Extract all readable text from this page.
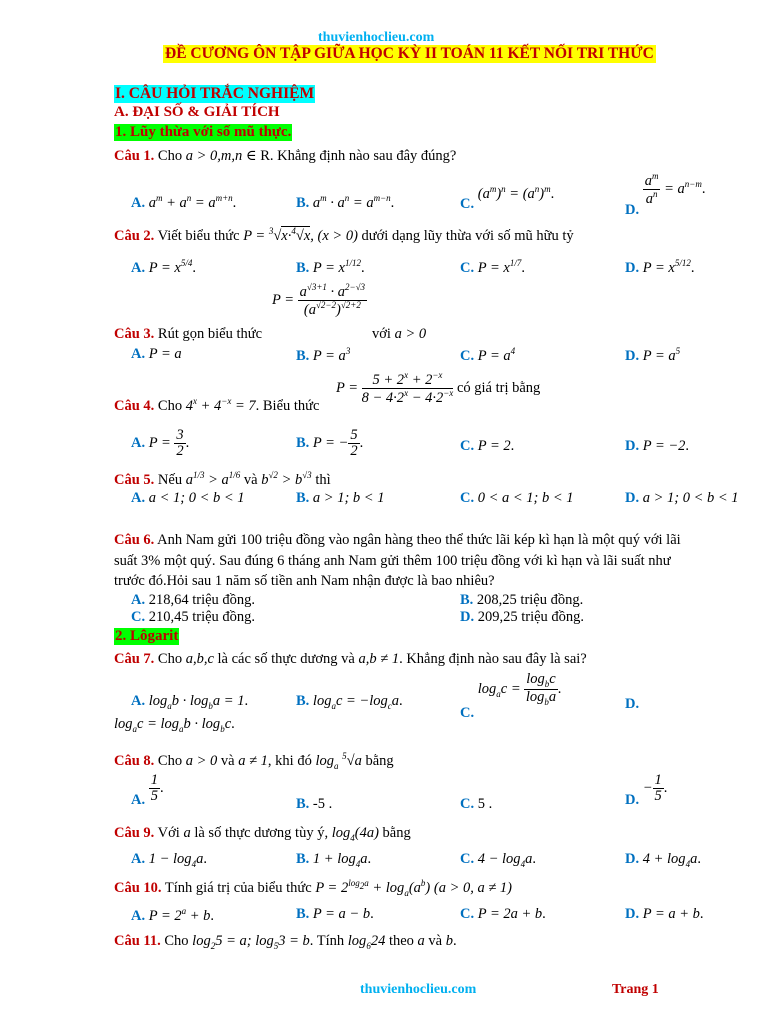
thuvienhoclieu.com
ĐỀ CƯƠNG ÔN TẬP GIỮA HỌC KỲ II TOÁN 11 KẾT NỐI TRI THỨC
I. CÂU HỎI TRẮC NGHIỆM
A. ĐẠI SỐ & GIẢI TÍCH
1. Lũy thừa với số mũ thực.
Câu 1. Cho a > 0,m,n ∈ R. Khẳng định nào sau đây đúng?
A. $a^m + a^n = a^{m+n}$.	B. $a^m \cdot a^n = a^{m-n}$.	C. $(a^m)^n = (a^n)^m$.
D.
$\frac{a^m}{a^n} = a^{n-m}$.
Câu 2. Viết biểu thức P = $^3$√x·$^4$√x, (x > 0) dưới dạng lũy thừa với số mũ hữu tỷ
A. $P = x^{5/4}$.	B. $P = x^{1/12}$.	C. $P = x^{1/7}$.	D. $P = x^{5/12}$.
$P = \frac{a^{√3+1} \cdot a^{2-√3}}{(a^{√2-2})^{√2+2}}$
Câu 3. Rút gọn biểu thức	với a > 0
A. P = a	B. $P = a^3$	C. $P = a^4$	D. $P = a^5$
Câu 4. Cho $4^x + 4^{-x} = 7$. Biểu thức
$P = \frac{5 + 2^x + 2^{-x}}{8 - 4\cdot 2^x - 4\cdot 2^{-x}}$ có giá trị bằng
A. $P = \frac{3}{2}$ .	B. P = − $\frac{5}{2}$ .	C. P = 2.	D. P = −2.
Câu 5. Nếu $a^{1/3} > a^{1/6}$ và $b^{√2} > b^{√3}$ thì
A. a < 1; 0 < b < 1	B. a > 1; b < 1	C. 0 < a < 1; b < 1	D. a > 1; 0 < b < 1
Câu 6. Anh Nam gửi 100 triệu đồng vào ngân hàng theo thể thức lãi kép kì hạn là một quý với lãi
suất 3% một quý. Sau đúng 6 tháng anh Nam gửi thêm 100 triệu đồng với kì hạn và lãi suất như
trước đó.Hỏi sau 1 năm số tiền anh Nam nhận được là bao nhiêu?
A. 218,64 triệu đồng.	B. 208,25 triệu đồng.
C. 210,45 triệu đồng.	D. 209,25 triệu đồng.
2. Lôgarit
Câu 7. Cho a,b,c là các số thực dương và a,b ≠ 1. Khẳng định nào sau đây là sai?
A. $\log_ab \cdot \log_ba = 1$.	B. $\log_ac = -\log_ca$.
C. $\log_ac = \frac{\log_bc}{\log_ba}$ .
D.
$\log_ac = \log_ab \cdot \log_bc$.
Câu 8. Cho a > 0 và a ≠ 1, khi đó $\log_a ^5√a$ bằng
A. $\frac{1}{5}$ .
B. -5 .	C. 5 .	D. − $\frac{1}{5}$ .
Câu 9. Với a là số thực dương tùy ý, $\log_4(4a)$ bằng
A. $1 - \log_4a$.	B. $1 + \log_4a$.	C. $4 - \log_4a$.	D. $4 + \log_4a$.
Câu 10. Tính giá trị của biểu thức $P = 2^{log_2a} + \log_a(a^b) (a > 0$, a ≠ 1)
A. $P = 2^a + b$.	B. P = a − b.	C. P = 2a + b.	D. P = a + b.
Câu 11. Cho $\log_25 = a$; $\log_53 = b$. Tính $\log_624$ theo a và b.
thuvienhoclieu.com	Trang 1
